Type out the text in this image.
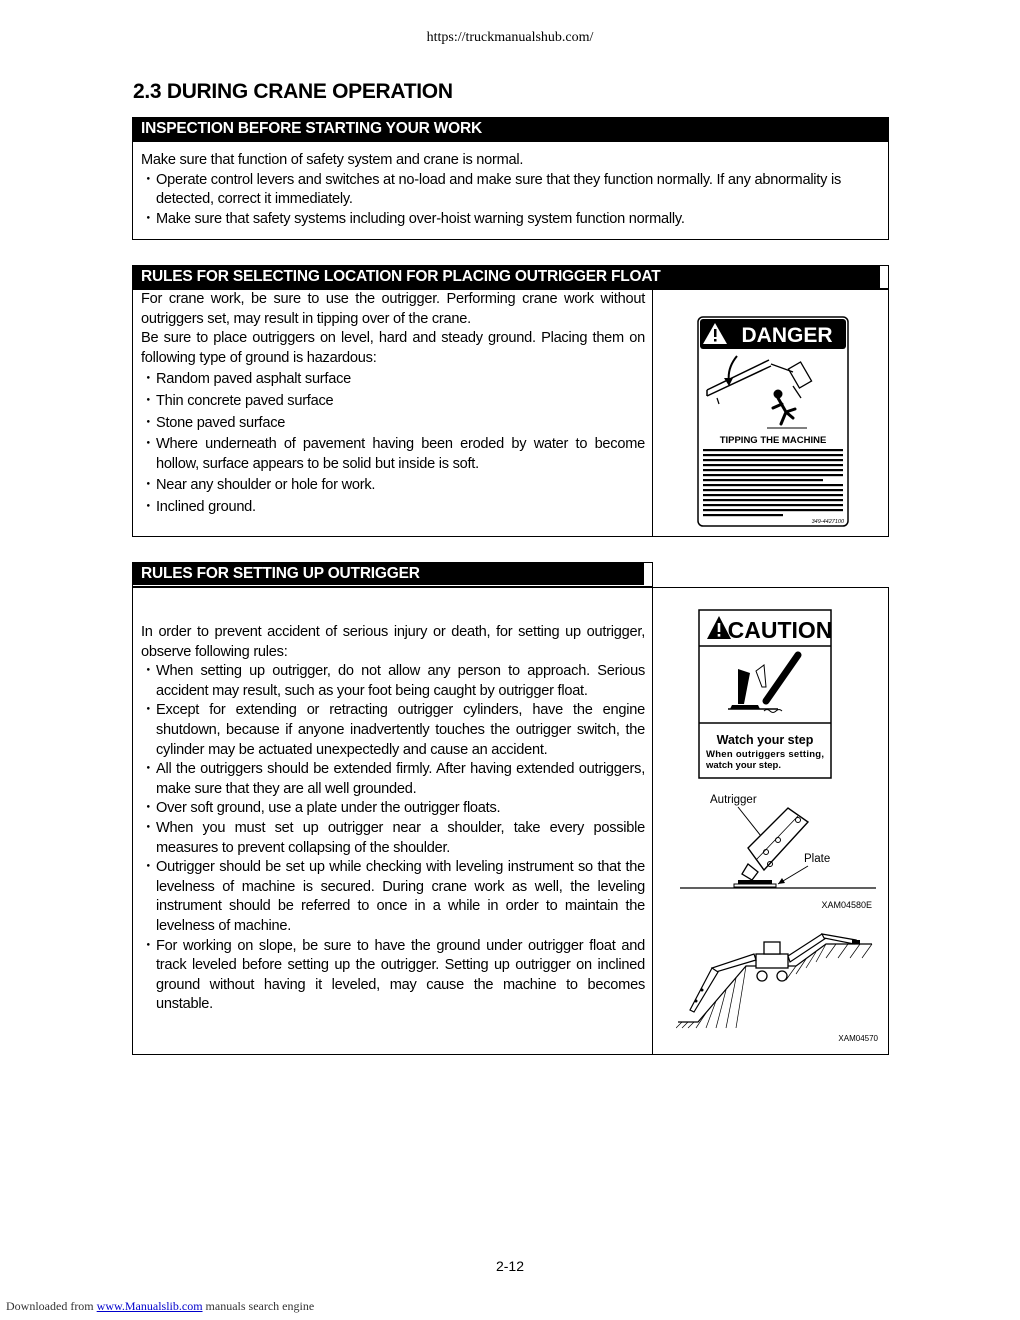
https://truckmanualshub.com/
2.3 DURING CRANE OPERATION
INSPECTION BEFORE STARTING YOUR WORK

Make sure that function of safety system and crane is normal.

・ Operate control levers and switches at no-load and make sure that they function normally. If any abnormality is detected, correct it immediately.

・ Make sure that safety systems including over-hoist warning system function normally.

RULES FOR SELECTING LOCATION FOR PLACING OUTRIGGER FLOAT

For crane work, be sure to use the outrigger. Performing crane work without outriggers set, may result in tipping over of the crane.

Be sure to place outriggers on level, hard and steady ground. Placing them on following type of ground is hazardous:

・ Random paved asphalt surface

・ Thin concrete paved surface

・ Stone paved surface

・ Where underneath of pavement having been eroded by water to become hollow, surface appears to be solid but inside is soft.

・ Near any shoulder or hole for work.

・ Inclined ground.

DANGER
TIPPING THE MACHINE
349-4427100
RULES FOR SETTING UP OUTRIGGER

In order to prevent accident of serious injury or death, for setting up outrigger, observe following rules:

・ When setting up outrigger, do not allow any person to approach. Serious accident may result, such as your foot being caught by outrigger float.

・ Except for extending or retracting outrigger cylinders, have the engine shutdown, because if anyone inadvertently touches the outrigger switch, the cylinder may be actuated unexpectedly and cause an accident.

・ All the outriggers should be extended firmly. After having extended outriggers, make sure that they are all well grounded.

・ Over soft ground, use a plate under the outrigger floats.

・ When you must set up outrigger near a shoulder, take every possible measures to prevent collapsing of the shoulder.

・ Outrigger should be set up while checking with leveling instrument so that the levelness of machine is secured. During crane work as well, the leveling instrument should be referred to once in a while in order to maintain the levelness of machine.

・ For working on slope, be sure to have the ground under outrigger float and track leveled before setting up the outrigger. Setting up outrigger on inclined ground without having it leveled, may cause the machine to becomes unstable.

CAUTION
Watch your step
When outriggers setting,
watch your step.
Autrigger
Plate
XAM04580E
XAM04570
2-12
Downloaded from www.Manualslib.com manuals search engine
